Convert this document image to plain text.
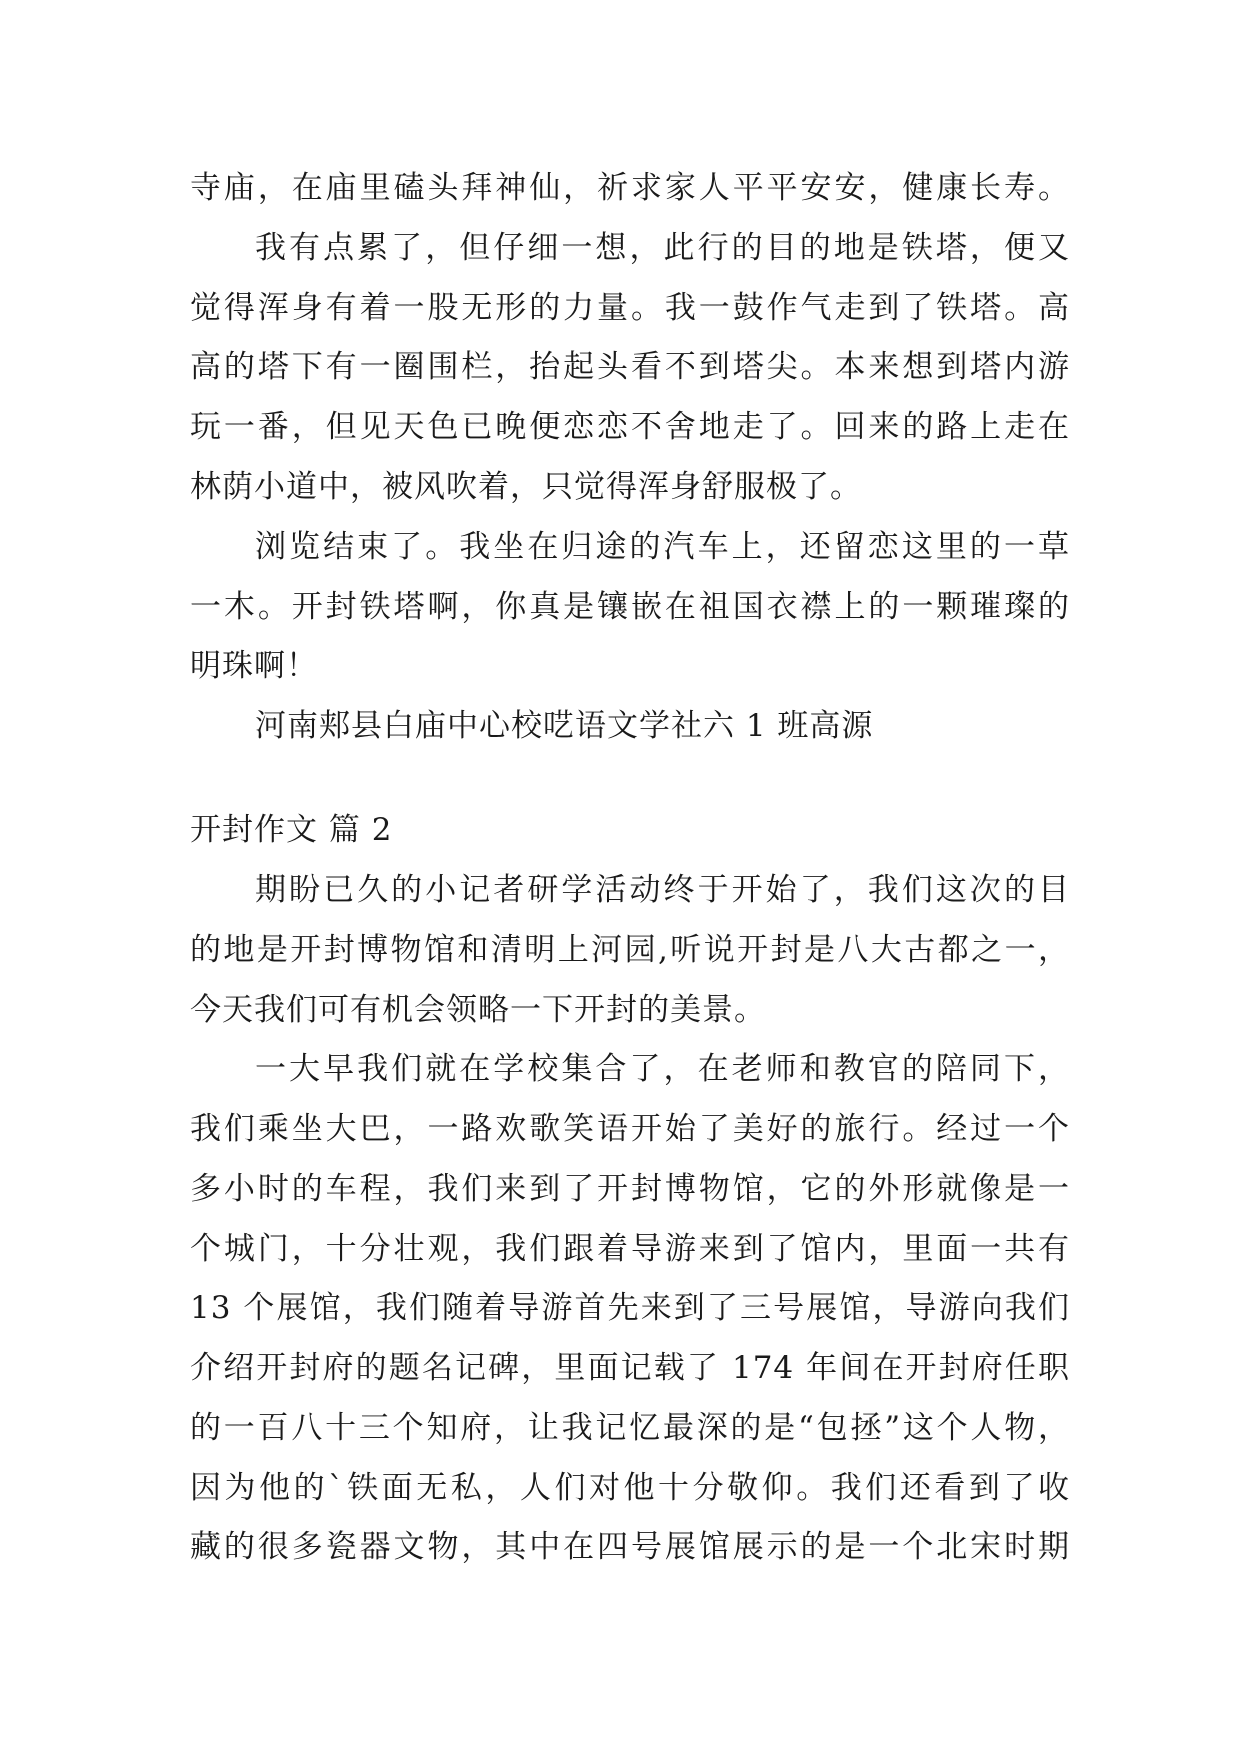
寺庙，在庙里磕头拜神仙，祈求家人平平安安，健康长寿。
我有点累了，但仔细一想，此行的目的地是铁塔，便又
觉得浑身有着一股无形的力量。我一鼓作气走到了铁塔。高
高的塔下有一圈围栏，抬起头看不到塔尖。本来想到塔内游
玩一番，但见天色已晚便恋恋不舍地走了。回来的路上走在
林荫小道中，被风吹着，只觉得浑身舒服极了。
浏览结束了。我坐在归途的汽车上，还留恋这里的一草
一木。开封铁塔啊，你真是镶嵌在祖国衣襟上的一颗璀璨的
明珠啊！
河南郏县白庙中心校呓语文学社六 1 班高源
开封作文 篇 2
期盼已久的小记者研学活动终于开始了，我们这次的目
的地是开封博物馆和清明上河园,听说开封是八大古都之一，
今天我们可有机会领略一下开封的美景。
一大早我们就在学校集合了，在老师和教官的陪同下，
我们乘坐大巴，一路欢歌笑语开始了美好的旅行。经过一个
多小时的车程，我们来到了开封博物馆，它的外形就像是一
个城门，十分壮观，我们跟着导游来到了馆内，里面一共有
13 个展馆，我们随着导游首先来到了三号展馆，导游向我们
介绍开封府的题名记碑，里面记载了 174 年间在开封府任职
的一百八十三个知府，让我记忆最深的是“包拯”这个人物，
因为他的`铁面无私，人们对他十分敬仰。我们还看到了收
藏的很多瓷器文物，其中在四号展馆展示的是一个北宋时期
